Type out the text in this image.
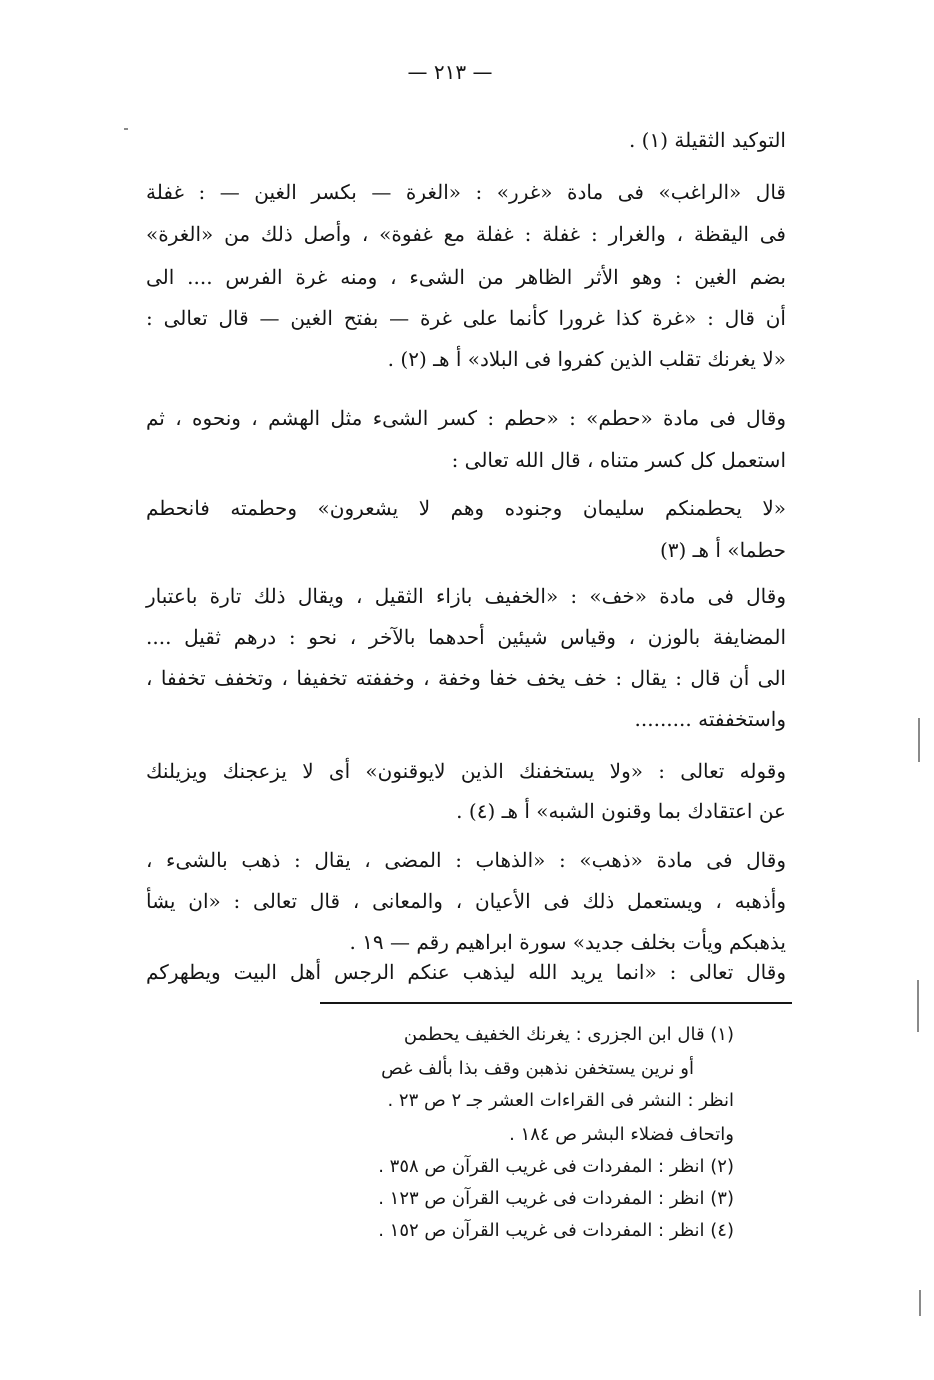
— ٢١٣ —
التوكيد الثقيلة (١) .
قال «الراغب» فى مادة «غرر» : «الغرة — بكسر الغين — : غفلة
فى اليقظة ، والغرار : غفلة : غفلة مع غفوة» ، وأصل ذلك من «الغرة»
بضم الغين : وهو الأثر الظاهر من الشىء ، ومنه غرة الفرس .... الى
أن قال : «غرة كذا غرورا كأنما على غرة — بفتح الغين — قال تعالى :
«لا يغرنك تقلب الذين كفروا فى البلاد» أ هـ (٢) .
وقال فى مادة «حطم» : «حطم : كسر الشىء مثل الهشم ، ونحوه ، ثم
استعمل كل كسر متناه ، قال الله تعالى :
«لا يحطمنكم سليمان وجنوده وهم لا يشعرون» وحطمته فانحطم
حطما» أ هـ (٣)
وقال فى مادة «خف» : «الخفيف بازاء الثقيل ، ويقال ذلك تارة باعتبار
المضايفة بالوزن ، وقياس شيئين أحدهما بالآخر ، نحو : درهم ثقيل ....
الى أن قال : يقال : خف يخف خفا وخفة ، وخففته تخفيفا ، وتخفف تخففا ،
واستخففته .........
وقوله تعالى : «ولا يستخفنك الذين لايوقنون» أى لا يزعجنك ويزيلنك
عن اعتقادك بما وقنون الشبه» أ هـ (٤) .
وقال فى مادة «ذهب» : «الذهاب : المضى ، يقال : ذهب بالشىء ،
وأذهبه ، ويستعمل ذلك فى الأعيان ، والمعانى ، قال تعالى : «ان يشأ
يذهبكم ويأت بخلف جديد» سورة ابراهيم رقم — ١٩ .
وقال تعالى : «انما يريد الله ليذهب عنكم الرجس أهل البيت ويطهركم
(١) قال ابن الجزرى : يغرنك الخفيف يحطمن
أو نرين يستخفن نذهبن وقف بذا بألف غص
انظر : النشر فى القراءات العشر جـ ٢ ص ٢٣ .
واتحاف فضلاء البشر ص ١٨٤ .
(٢) انظر : المفردات فى غريب القرآن ص ٣٥٨ .
(٣) انظر : المفردات فى غريب القرآن ص ١٢٣ .
(٤) انظر : المفردات فى غريب القرآن ص ١٥٢ .
